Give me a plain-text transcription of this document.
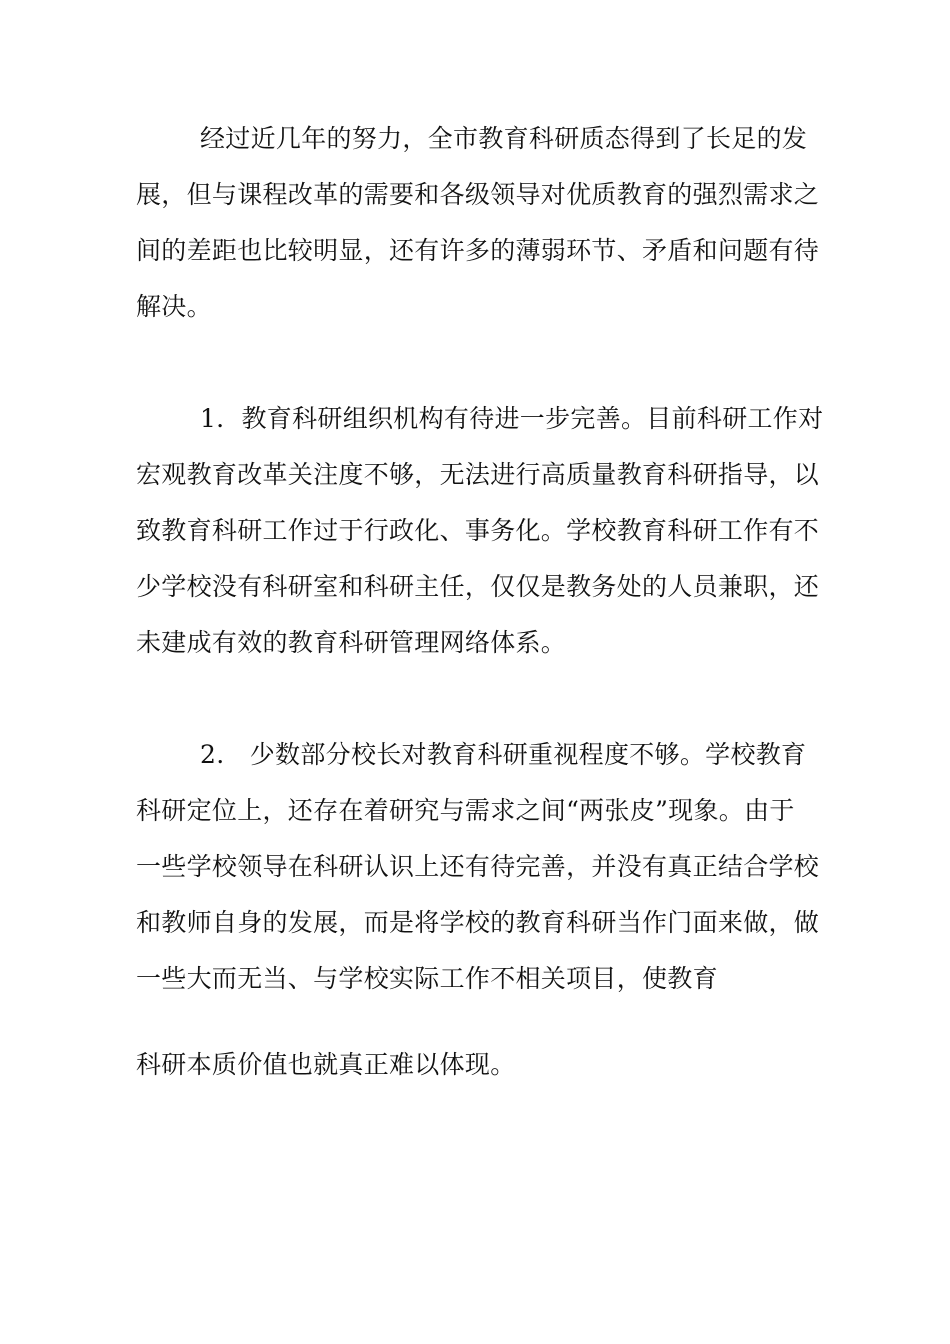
经过近几年的努力，全市教育科研质态得到了长足的发
展，但与课程改革的需要和各级领导对优质教育的强烈需求之
间的差距也比较明显，还有许多的薄弱环节、矛盾和问题有待
解决。
1．教育科研组织机构有待进一步完善。目前科研工作对
宏观教育改革关注度不够，无法进行高质量教育科研指导，以
致教育科研工作过于行政化、事务化。学校教育科研工作有不
少学校没有科研室和科研主任，仅仅是教务处的人员兼职，还
未建成有效的教育科研管理网络体系。
2.　少数部分校长对教育科研重视程度不够。学校教育
科研定位上，还存在着研究与需求之间“两张皮”现象。由于
一些学校领导在科研认识上还有待完善，并没有真正结合学校
和教师自身的发展，而是将学校的教育科研当作门面来做，做
一些大而无当、与学校实际工作不相关项目，使教育
科研本质价值也就真正难以体现。
